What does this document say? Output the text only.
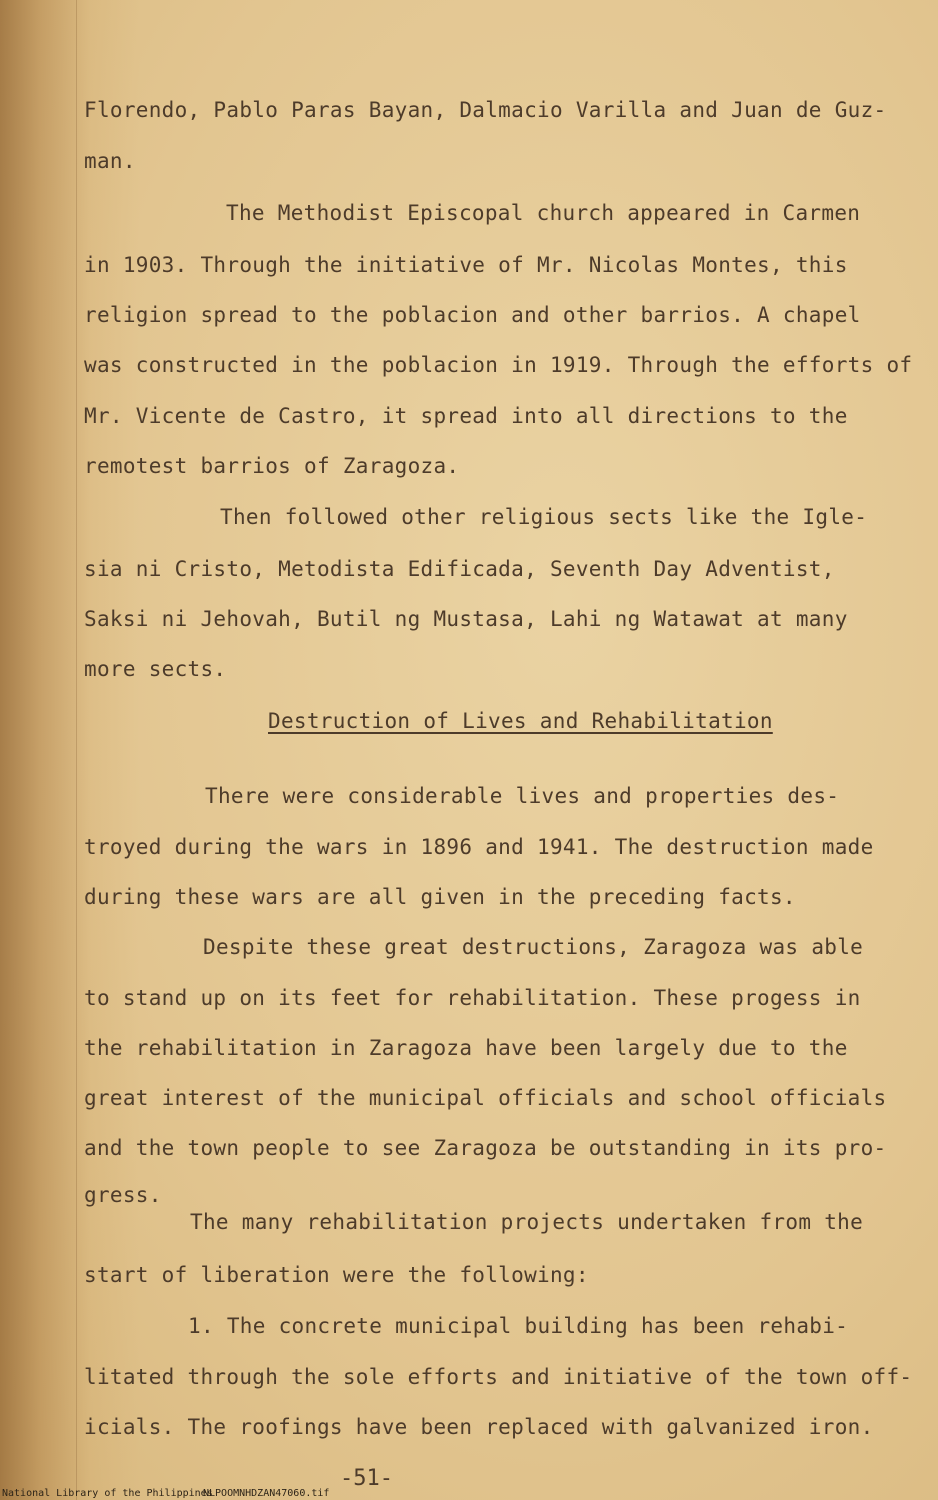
Florendo, Pablo Paras Bayan, Dalmacio Varilla and Juan de Guz-
man.
The Methodist Episcopal church appeared in Carmen
in 1903. Through the initiative of Mr. Nicolas Montes, this
religion spread to the poblacion and other barrios. A chapel
was constructed in the poblacion in 1919. Through the efforts of
Mr. Vicente de Castro, it spread into all directions to the
remotest barrios of Zaragoza.
Then followed other religious sects like the Igle-
sia ni Cristo, Metodista Edificada, Seventh Day Adventist,
Saksi ni Jehovah, Butil ng Mustasa, Lahi ng Watawat at many
more sects.
Destruction of Lives and Rehabilitation
There were considerable lives and properties des-
troyed during the wars in 1896 and 1941. The destruction made
during these wars are all given in the preceding facts.
Despite these great destructions, Zaragoza was able
to stand up on its feet for rehabilitation. These progess in
the rehabilitation in Zaragoza have been largely due to the
great interest of the municipal officials and school officials
and the town people to see Zaragoza be outstanding in its pro-
gress.
The many rehabilitation projects undertaken from the
start of liberation were the following:
1. The concrete municipal building has been rehabi-
litated through the sole efforts and initiative of the town off-
icials. The roofings have been replaced with galvanized iron.
-51-
National Library of the Philippines
NLPOOMNHDZAN47060.tif
